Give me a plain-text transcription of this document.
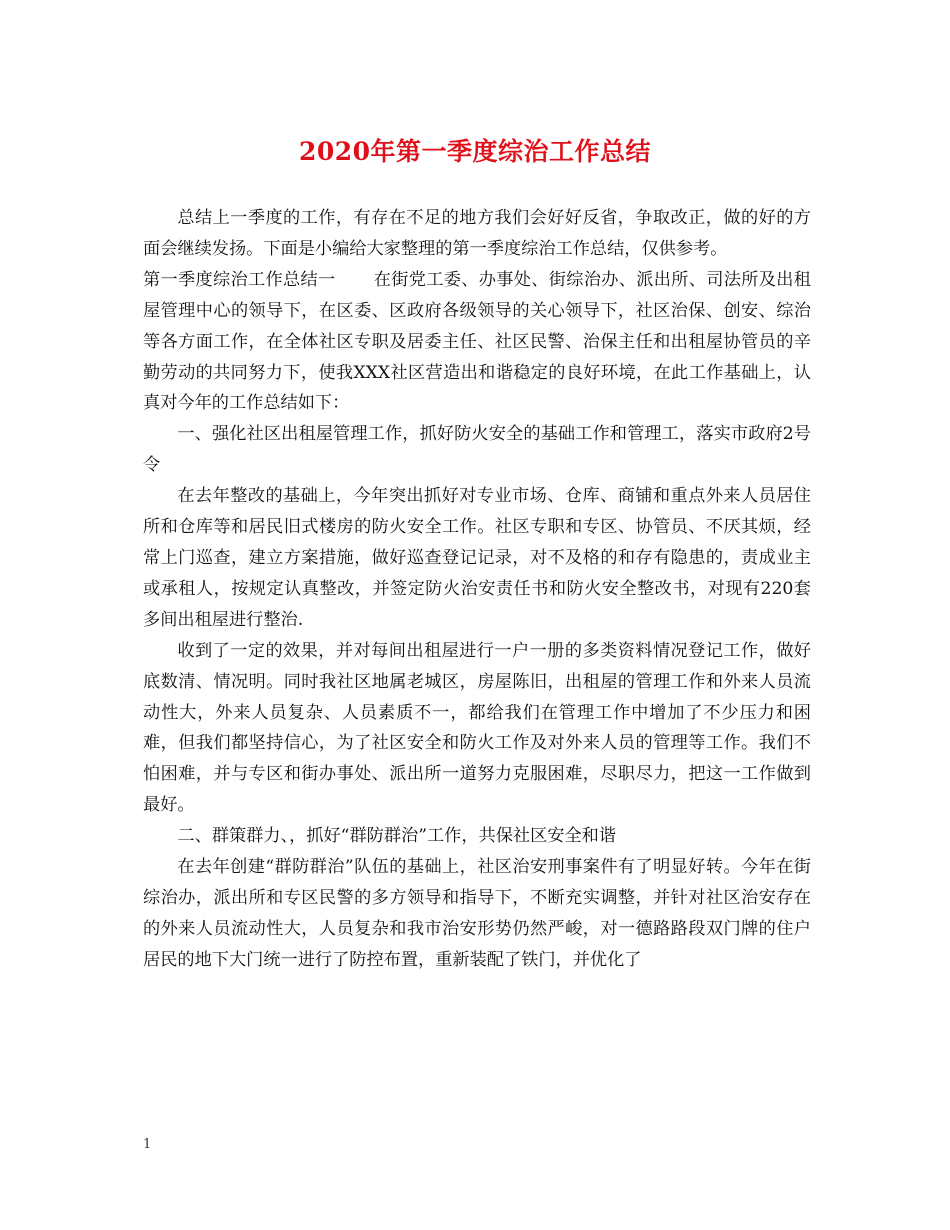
2020年第一季度综治工作总结

总结上一季度的工作，有存在不足的地方我们会好好反省，争取改正，做的好的方面会继续发扬。下面是小编给大家整理的第一季度综治工作总结，仅供参考。

第一季度综治工作总结一 在街党工委、办事处、街综治办、派出所、司法所及出租屋管理中心的领导下，在区委、区政府各级领导的关心领导下，社区治保、创安、综治等各方面工作，在全体社区专职及居委主任、社区民警、治保主任和出租屋协管员的辛勤劳动的共同努力下，使我XXX社区营造出和谐稳定的良好环境，在此工作基础上，认真对今年的工作总结如下：

一、强化社区出租屋管理工作，抓好防火安全的基础工作和管理工，落实市政府2号令

在去年整改的基础上，今年突出抓好对专业市场、仓库、商铺和重点外来人员居住所和仓库等和居民旧式楼房的防火安全工作。社区专职和专区、协管员、不厌其烦，经常上门巡查，建立方案措施，做好巡查登记记录，对不及格的和存有隐患的，责成业主或承租人，按规定认真整改，并签定防火治安责任书和防火安全整改书，对现有220套多间出租屋进行整治.

收到了一定的效果，并对每间出租屋进行一户一册的多类资料情况登记工作，做好底数清、情况明。同时我社区地属老城区，房屋陈旧，出租屋的管理工作和外来人员流动性大，外来人员复杂、人员素质不一，都给我们在管理工作中增加了不少压力和困难，但我们都坚持信心，为了社区安全和防火工作及对外来人员的管理等工作。我们不怕困难，并与专区和街办事处、派出所一道努力克服困难，尽职尽力，把这一工作做到最好。

二、群策群力、，抓好“群防群治”工作，共保社区安全和谐

在去年创建“群防群治”队伍的基础上，社区治安刑事案件有了明显好转。今年在街综治办，派出所和专区民警的多方领导和指导下，不断充实调整，并针对社区治安存在的外来人员流动性大，人员复杂和我市治安形势仍然严峻，对一德路路段双门牌的住户居民的地下大门统一进行了防控布置，重新装配了铁门，并优化了

1
